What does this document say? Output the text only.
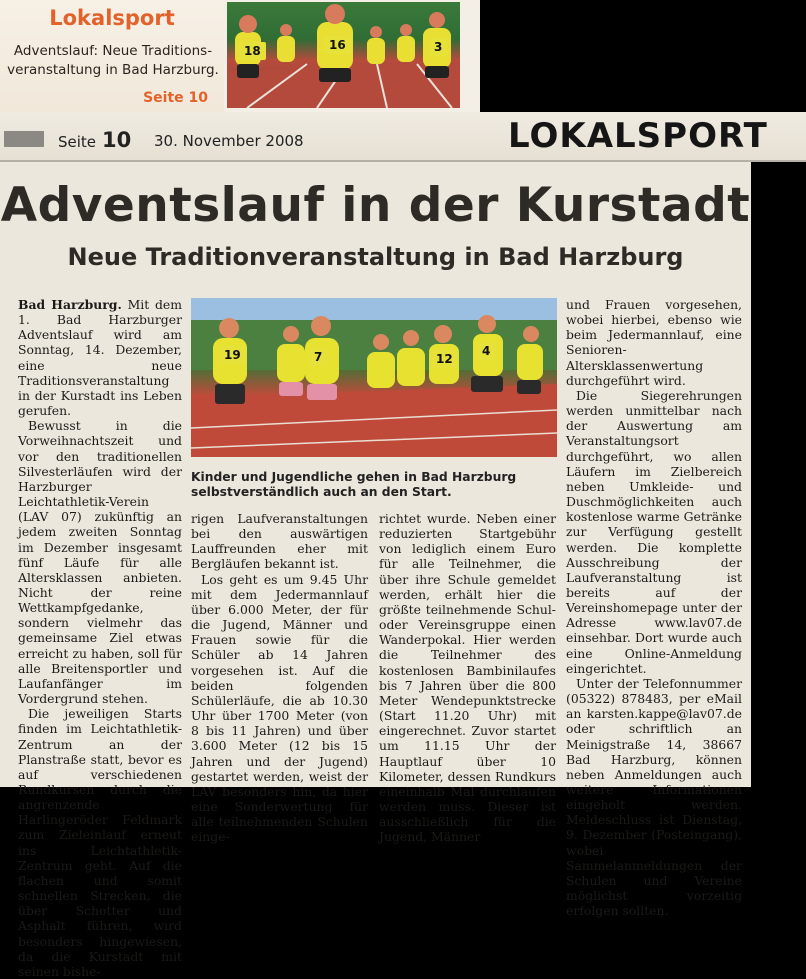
Lokalsport
Adventslauf: Neue Traditionsveranstaltung in Bad Harzburg.
Seite 10
18	16	3
Seite 10 30. November 2008	LOKALSPORT
Adventslauf in der Kurstadt
Neue Traditionveranstaltung in Bad Harzburg

Bad Harzburg. Mit dem 1. Bad Harzburger Adventslauf wird am Sonntag, 14. Dezember, eine neue Traditionsveranstaltung in der Kurstadt ins Leben gerufen.

Bewusst in die Vorweihnachtszeit und vor den traditionellen Silvesterläufen wird der Harzburger Leichtathletik-Verein (LAV 07) zukünftig an jedem zweiten Sonntag im Dezember insgesamt fünf Läufe für alle Altersklassen anbieten. Nicht der reine Wettkampfgedanke, sondern vielmehr das gemeinsame Ziel etwas erreicht zu haben, soll für alle Breitensportler und Laufanfänger im Vordergrund stehen.

Die jeweiligen Starts finden im Leichtathletik-Zentrum an der Planstraße statt, bevor es auf verschiedenen Rundkursen durch die angrenzende Harlingeröder Feldmark zum Zieleinlauf erneut ins Leichtathletik-Zentrum geht. Auf die flachen und somit schnellen Strecken, die über Schotter und Asphalt führen, wird besonders hingewiesen, da die Kurstadt mit seinen bishe-

19	7	12
4
Kinder und Jugendliche gehen in Bad Harzburg selbstverständlich auch an den Start.

rigen Laufveranstaltungen bei den auswärtigen Lauffreunden eher mit Bergläufen bekannt ist.

Los geht es um 9.45 Uhr mit dem Jedermannlauf über 6.000 Meter, der für die Jugend, Männer und Frauen sowie für die Schüler ab 14 Jahren vorgesehen ist. Auf die beiden folgenden Schülerläufe, die ab 10.30 Uhr über 1700 Meter (von 8 bis 11 Jahren) und über 3.600 Meter (12 bis 15 Jahren und der Jugend) gestartet werden, weist der LAV besonders hin, da hier eine Sonderwertung für alle teilnehmenden Schulen einge-

richtet wurde. Neben einer reduzierten Startgebühr von lediglich einem Euro für alle Teilnehmer, die über ihre Schule gemeldet werden, erhält hier die größte teilnehmende Schul- oder Vereinsgruppe einen Wanderpokal. Hier werden die Teilnehmer des kostenlosen Bambinilaufes bis 7 Jahren über die 800 Meter Wendepunktstrecke (Start 11.20 Uhr) mit eingerechnet. Zuvor startet um 11.15 Uhr der Hauptlauf über 10 Kilometer, dessen Rundkurs eineinhalb Mal durchlaufen werden muss. Dieser ist ausschließlich für die Jugend, Männer

und Frauen vorgesehen, wobei hierbei, ebenso wie beim Jedermannlauf, eine Senioren-Altersklassenwertung durchgeführt wird.

Die Siegerehrungen werden unmittelbar nach der Auswertung am Veranstaltungsort durchgeführt, wo allen Läufern im Zielbereich neben Umkleide- und Duschmöglichkeiten auch kostenlose warme Getränke zur Verfügung gestellt werden. Die komplette Ausschreibung der Laufveranstaltung ist bereits auf der Vereinshomepage unter der Adresse www.lav07.de einsehbar. Dort wurde auch eine Online-Anmeldung eingerichtet.

Unter der Telefonnummer (05322) 878483, per eMail an karsten.kappe@lav07.de oder schriftlich an Meinigstraße 14, 38667 Bad Harzburg, können neben Anmeldungen auch weitere Informationen eingeholt werden. Meldeschluss ist Dienstag, 9. Dezember (Posteingang), wobei Sammelanmeldungen der Schulen und Vereine möglichst vorzeitig erfolgen sollten.
